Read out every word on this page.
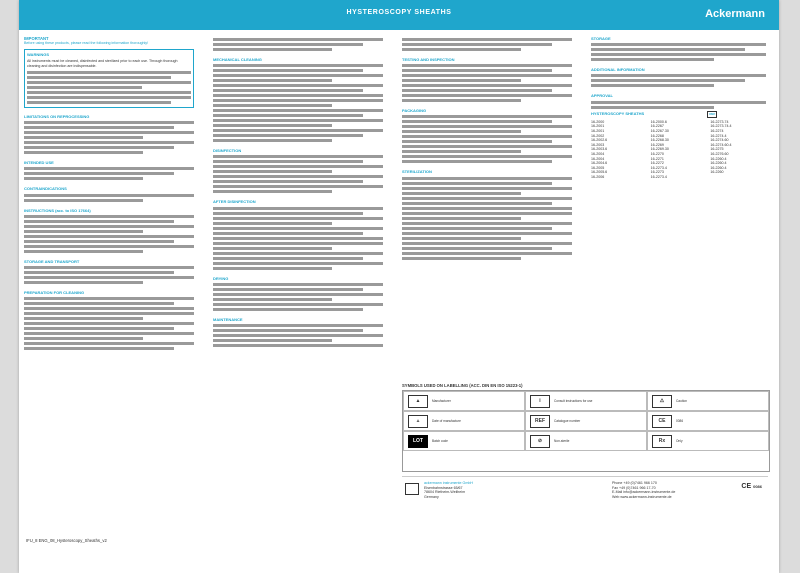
HYSTEROSCOPY SHEATHS	Ackermann
IMPORTANT

Before using these products, please read the following information thoroughly!

WARNINGS

All instruments must be cleaned, disinfected and sterilized prior to each use. Through thorough cleaning and disinfection are indispensable.

LIMITATIONS ON REPROCESSING
INTENDED USE
CONTRAINDICATIONS
INSTRUCTIONS (acc. to ISO 17664)
STORAGE AND TRANSPORT
PREPARATION FOR CLEANING
MECHANICAL CLEANING
DISINFECTION
AFTER DISINFECTION
DRYING
MAINTENANCE
TESTING AND INSPECTION
PACKAGING
STERILIZATION
STORAGE
ADDITIONAL INFORMATION
APPROVAL
HYSTEROSCOPY SHEATHS	REF
16-2000	16-2000.6	16-2273.74
16-2001	16-2267	16-2273.74.4
16-2001	16-2267.30	16-2274
16-2002	16-2268	16-2274.4
16-2002.6	16-2268.30	16-2274.60
16-2003	16-2269	16-2274.60.4
16-2003.6	16-2269.30	16-2275
16-2004	16-2270	16-2276.60
16-2004	16-2271	16-2260.4
16-2004.6	16-2272	16-2260.4
16-2005	16-2273.4	16-2260.4
16-2005.6	16-2273	16-2260
16-2006	16-2273.4
SYMBOLS USED ON LABELLING (ACC. DIN EN ISO 15223-1)
▲	Manufacturer	i	Consult instructions for use	⚠	Caution
▵	Date of manufacture	REF	Catalogue number	CE	0086
LOT	Batch code	⊘	Non-sterile	Rx	Only
ackermann instrumente GmbH
Eisenbahnstrasse 65/67
78604 Rietheim-Weilheim
Germany
Phone +49 (0)7461 966 170
Fax +49 (0)7461 966 17-70
E-Mail info@ackermann-instrumente.de
Web www.ackermann-instrumente.de
CE 0086
IFU_8 ENG_08_Hysteroscopy_Sheaths_v2
